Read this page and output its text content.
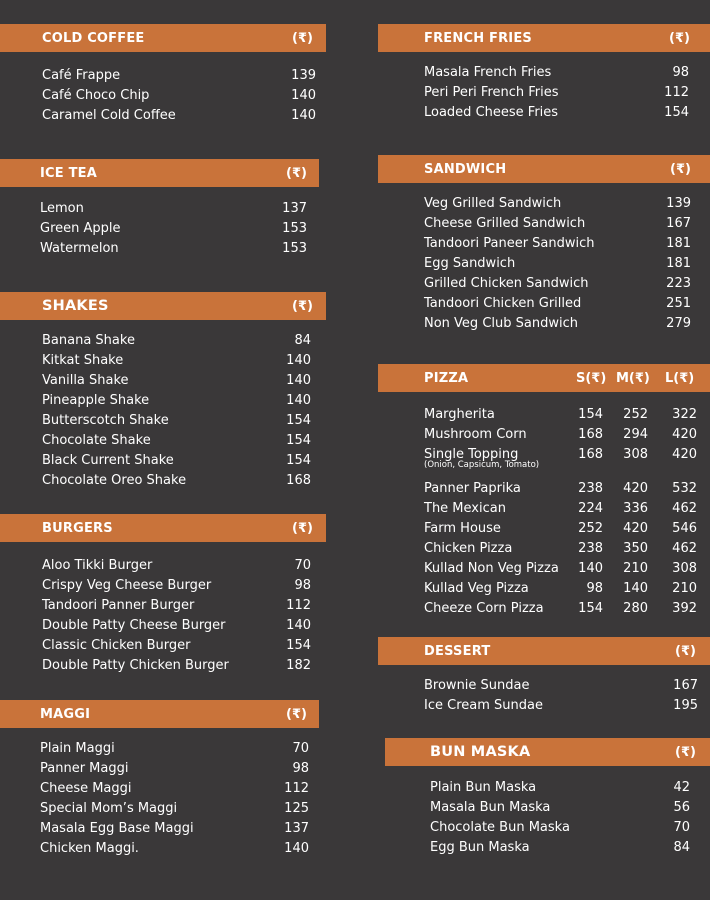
COLD COFFEE	(₹)
Café Frappe	139
Café Choco Chip	140
Caramel Cold Coffee	140
ICE TEA	(₹)
Lemon	137
Green Apple	153
Watermelon	153
SHAKES	(₹)
Banana Shake	84
Kitkat Shake	140
Vanilla Shake	140
Pineapple Shake	140
Butterscotch Shake	154
Chocolate Shake	154
Black Current Shake	154
Chocolate Oreo Shake	168
BURGERS	(₹)
Aloo Tikki Burger	70
Crispy Veg Cheese Burger	98
Tandoori Panner Burger	112
Double Patty Cheese Burger	140
Classic Chicken Burger	154
Double Patty Chicken Burger	182
MAGGI	(₹)
Plain Maggi	70
Panner Maggi	98
Cheese Maggi	112
Special Mom’s Maggi	125
Masala Egg Base Maggi	137
Chicken Maggi.	140
FRENCH FRIES	(₹)
Masala French Fries	98
Peri Peri French Fries	112
Loaded Cheese Fries	154
SANDWICH	(₹)
Veg Grilled Sandwich	139
Cheese Grilled Sandwich	167
Tandoori Paneer Sandwich	181
Egg Sandwich	181
Grilled Chicken Sandwich	223
Tandoori Chicken Grilled	251
Non Veg Club Sandwich	279
PIZZA	S(₹) M(₹) L(₹)
Margherita	154	252	322
Mushroom Corn	168	294	420
Single Topping
(Onion, Capsicum, Tomato)
168	308	420
Panner Paprika	238	420	532
The Mexican	224	336	462
Farm House	252	420	546
Chicken Pizza	238	350	462
Kullad Non Veg Pizza	140	210	308
Kullad Veg Pizza	98	140	210
Cheeze Corn Pizza	154	280	392
DESSERT	(₹)
Brownie Sundae	167
Ice Cream Sundae	195
BUN MASKA	(₹)
Plain Bun Maska	42
Masala Bun Maska	56
Chocolate Bun Maska	70
Egg Bun Maska	84
